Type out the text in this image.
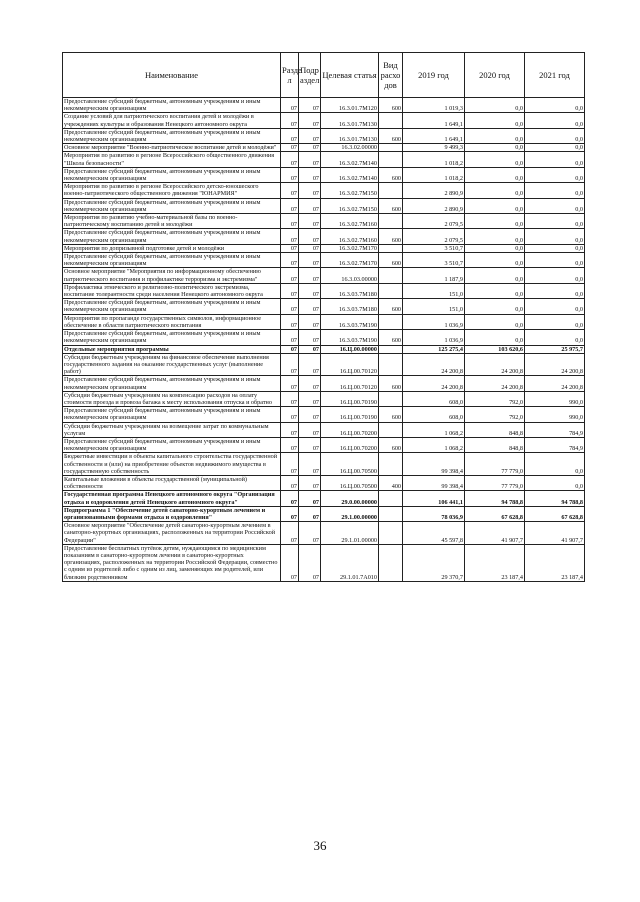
Наименование	Разде л	Подр аздел	Целевая статья	Вид расхо дов	2019 год	2020 год	2021 год
Предоставление субсидий бюджетным, автономным учреждениям и иным некоммерческим организациям	07	07	16.3.01.7М120	600	1 019,3	0,0	0,0
Создание условий для патриотического воспитания детей и молодёжи в учреждениях культуры и образования Ненецкого автономного округа	07	07	16.3.01.7М130		1 649,1	0,0	0,0
Предоставление субсидий бюджетным, автономным учреждениям и иным некоммерческим организациям	07	07	16.3.01.7М130	600	1 649,1	0,0	0,0
Основное мероприятие "Военно-патриотическое воспитание детей и молодёжи"	07	07	16.3.02.00000		9 499,3	0,0	0,0
Мероприятия по развитию в регионе Всероссийского общественного движения "Школа безопасности"	07	07	16.3.02.7М140		1 018,2	0,0	0,0
Предоставление субсидий бюджетным, автономным учреждениям и иным некоммерческим организациям	07	07	16.3.02.7М140	600	1 018,2	0,0	0,0
Мероприятия по развитию в регионе Всероссийского детско-юношеского военно-патриотического общественного движения "ЮНАРМИЯ"	07	07	16.3.02.7М150		2 890,9	0,0	0,0
Предоставление субсидий бюджетным, автономным учреждениям и иным некоммерческим организациям	07	07	16.3.02.7М150	600	2 890,9	0,0	0,0
Мероприятия по развитию учебно-материальной базы по военно-патриотическому воспитанию детей и молодёжи	07	07	16.3.02.7М160		2 079,5	0,0	0,0
Предоставление субсидий бюджетным, автономным учреждениям и иным некоммерческим организациям	07	07	16.3.02.7М160	600	2 079,5	0,0	0,0
Мероприятия по допризывной подготовке детей и молодёжи	07	07	16.3.02.7М170		3 510,7	0,0	0,0
Предоставление субсидий бюджетным, автономным учреждениям и иным некоммерческим организациям	07	07	16.3.02.7М170	600	3 510,7	0,0	0,0
Основное мероприятие "Мероприятия по информационному обеспечению патриотического воспитания и профилактике терроризма и экстремизма"	07	07	16.3.03.00000		1 187,9	0,0	0,0
Профилактика этнического и религиозно-политического экстремизма, воспитание толерантности среди населения Ненецкого автономного округа	07	07	16.3.03.7М180		151,0	0,0	0,0
Предоставление субсидий бюджетным, автономным учреждениям и иным некоммерческим организациям	07	07	16.3.03.7М180	600	151,0	0,0	0,0
Мероприятия по пропаганде государственных символов, информационное обеспечение в области патриотического воспитания	07	07	16.3.03.7М190		1 036,9	0,0	0,0
Предоставление субсидий бюджетным, автономным учреждениям и иным некоммерческим организациям	07	07	16.3.03.7М190	600	1 036,9	0,0	0,0
Отдельные мероприятия программы	07	07	16.Ц.00.00000		125 275,4	103 620,6	25 975,7
Субсидии бюджетным учреждениям на финансовое обеспечение выполнения государственного задания на оказание государственных услуг (выполнение работ)	07	07	16.Ц.00.70120		24 200,8	24 200,8	24 200,8
Предоставление субсидий бюджетным, автономным учреждениям и иным некоммерческим организациям	07	07	16.Ц.00.70120	600	24 200,8	24 200,8	24 200,8
Субсидии бюджетным учреждениям на компенсацию расходов на оплату стоимости проезда и провоза багажа к месту использования отпуска и обратно	07	07	16.Ц.00.70190		608,0	792,0	990,0
Предоставление субсидий бюджетным, автономным учреждениям и иным некоммерческим организациям	07	07	16.Ц.00.70190	600	608,0	792,0	990,0
Субсидии бюджетным учреждениям на возмещение затрат по коммунальным услугам	07	07	16.Ц.00.70200		1 068,2	848,8	784,9
Предоставление субсидий бюджетным, автономным учреждениям и иным некоммерческим организациям	07	07	16.Ц.00.70200	600	1 068,2	848,8	784,9
Бюджетные инвестиции в объекты капитального строительства государственной собственности и (или) на приобретение объектов недвижимого имущества в государственную собственность	07	07	16.Ц.00.70500		99 398,4	77 779,0	0,0
Капитальные вложения в объекты государственной (муниципальной) собственности	07	07	16.Ц.00.70500	400	99 398,4	77 779,0	0,0
Государственная программа Ненецкого автономного округа "Организация отдыха и оздоровления детей Ненецкого автономного округа"	07	07	29.0.00.00000		106 441,1	94 788,8	94 788,8
Подпрограмма 1 "Обеспечение детей санаторно-курортным лечением и организованными формами отдыха и оздоровления"	07	07	29.1.00.00000		78 036,9	67 628,8	67 628,8
Основное мероприятие "Обеспечение детей санаторно-курортным лечением в санаторно-курортных организациях, расположенных на территории Российской Федерации"	07	07	29.1.01.00000		45 597,8	41 907,7	41 907,7
Предоставление бесплатных путёвок детям, нуждающимся по медицинским показаниям в санаторно-курортном лечении в санаторно-курортных организациях, расположенных на территории Российской Федерации, совместно с одним из родителей либо с одним из лиц, заменяющих им родителей, или близким родственником	07	07	29.1.01.7А010		29 370,7	23 187,4	23 187,4
36
